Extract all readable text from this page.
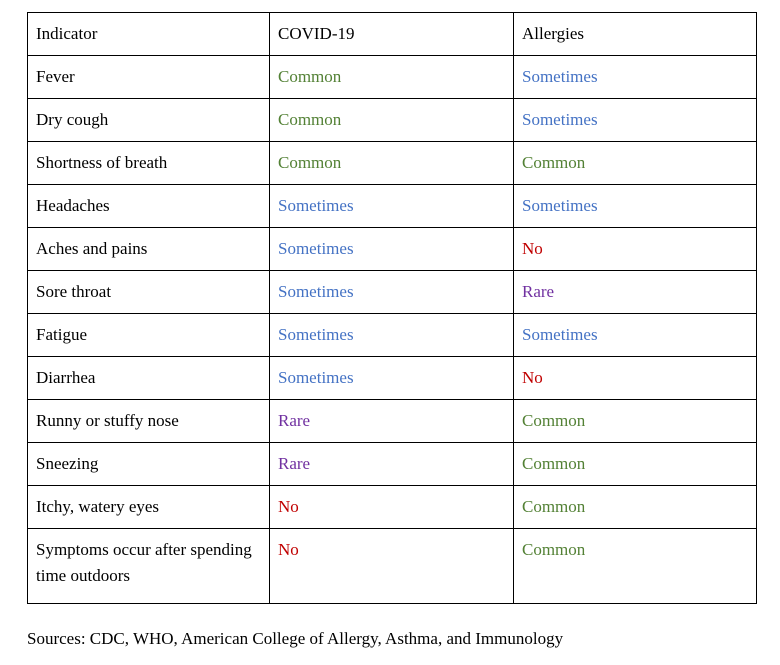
Indicator	COVID-19	Allergies
Fever	Common	Sometimes
Dry cough	Common	Sometimes
Shortness of breath	Common	Common
Headaches	Sometimes	Sometimes
Aches and pains	Sometimes	No
Sore throat	Sometimes	Rare
Fatigue	Sometimes	Sometimes
Diarrhea	Sometimes	No
Runny or stuffy nose	Rare	Common
Sneezing	Rare	Common
Itchy, watery eyes	No	Common
Symptoms occur after spending time outdoors	No	Common
Sources: CDC, WHO, American College of Allergy, Asthma, and Immunology
